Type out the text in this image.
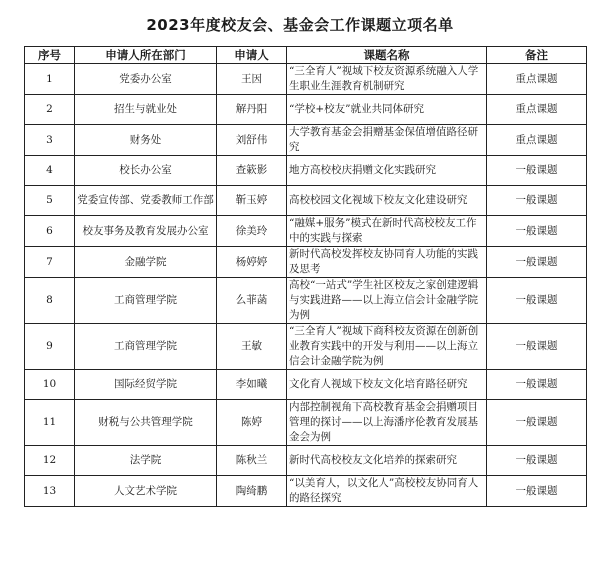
2023年度校友会、基金会工作课题立项名单
序号	申请人所在部门	申请人	课题名称	备注
1	党委办公室	王因	“三全育人”视域下校友资源系统融入人学生职业生涯教育机制研究	重点课题
2	招生与就业处	解丹阳	“学校+校友”就业共同体研究	重点课题
3	财务处	刘舒伟	大学教育基金会捐赠基金保值增值路径研究	重点课题
4	校长办公室	查簌影	地方高校校庆捐赠文化实践研究	一般课题
5	党委宣传部、党委教师工作部	靳玉婷	高校校园文化视域下校友文化建设研究	一般课题
6	校友事务及教育发展办公室	徐美玲	“融媒+服务”模式在新时代高校校友工作中的实践与探索	一般课题
7	金融学院	杨婷婷	新时代高校发挥校友协同育人功能的实践及思考	一般课题
8	工商管理学院	么菲菡	高校“一站式”学生社区校友之家创建逻辑与实践进路——以上海立信会计金融学院为例	一般课题
9	工商管理学院	王敏	“三全育人”视域下商科校友资源在创新创业教育实践中的开发与利用——以上海立信会计金融学院为例	一般课题
10	国际经贸学院	李如曦	文化育人视域下校友文化培育路径研究	一般课题
11	财税与公共管理学院	陈婷	内部控制视角下高校教育基金会捐赠项目管理的探讨——以上海潘序伦教育发展基金会为例	一般课题
12	法学院	陈秋兰	新时代高校校友文化培养的探索研究	一般课题
13	人文艺术学院	陶绮鹏	“以美育人，以文化人”高校校友协同育人的路径探究	一般课题
